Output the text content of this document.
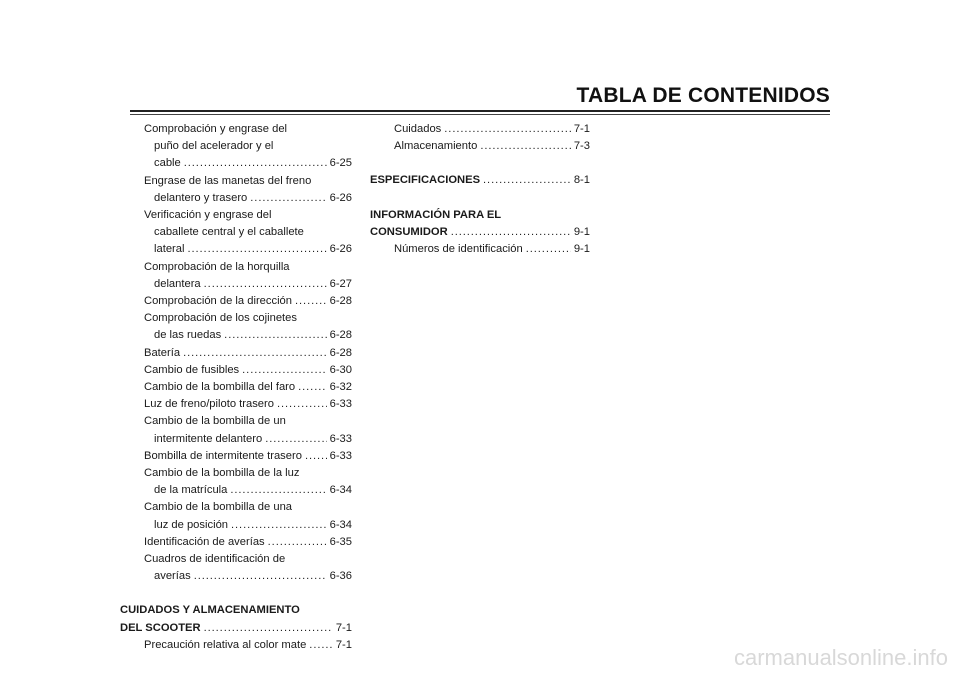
TABLA DE CONTENIDOS
Comprobación y engrase del
puño del acelerador y el
cable . . .	6-25
Engrase de las manetas del freno
delantero y trasero . . .	6-26
Verificación y engrase del
caballete central y el caballete
lateral . . .	6-26
Comprobación de la horquilla
delantera . . .	6-27
Comprobación de la dirección . . .	6-28
Comprobación de los cojinetes
de las ruedas . . .	6-28
Batería . . .	6-28
Cambio de fusibles . . .	6-30
Cambio de la bombilla del faro . . .	6-32
Luz de freno/piloto trasero . . .	6-33
Cambio de la bombilla de un
intermitente delantero . . .	6-33
Bombilla de intermitente trasero . . . 6-33
Cambio de la bombilla de la luz
de la matrícula . . .	6-34
Cambio de la bombilla de una
luz de posición . . .	6-34
Identificación de averías . . .	6-35
Cuadros de identificación de
averías . . .	6-36
CUIDADOS Y ALMACENAMIENTO
DEL SCOOTER . . .	7-1
Precaución relativa al color mate . . .	7-1
Cuidados . . .	7-1
Almacenamiento . . .	7-3
ESPECIFICACIONES . . .	8-1
INFORMACIÓN PARA EL
CONSUMIDOR . . .	9-1
Números de identificación . . .	9-1
carmanualsonline.info
